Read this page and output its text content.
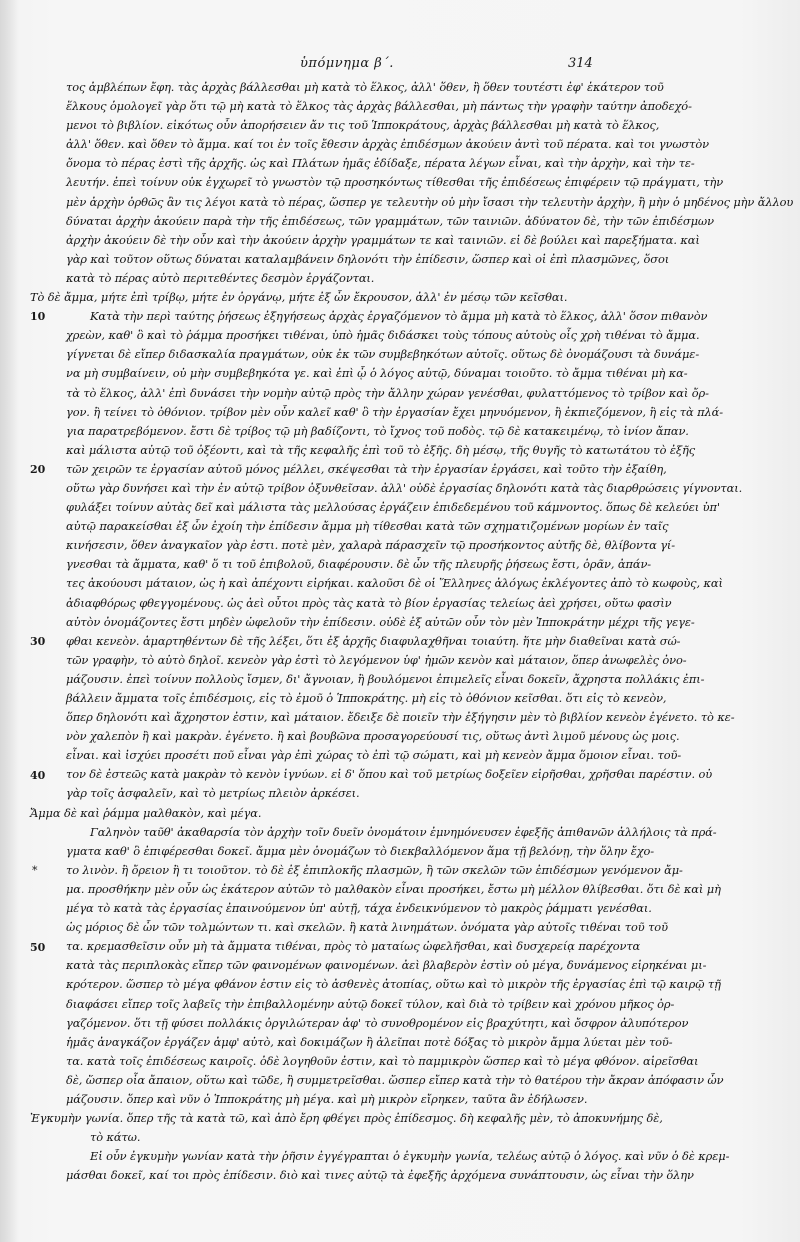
ὑπόμνημα β΄.	314
10
20
30
40
50
*
τος ἀμβλέπων ἔφη. τὰς ἀρχὰς βάλλεσθαι μὴ κατὰ τὸ ἕλκος, ἀλλ' ὅθεν, ἢ ὅθεν τουτέστι ἐφ' ἑκάτερον τοῦ
ἕλκους ὁμολογεῖ γὰρ ὅτι τῷ μὴ κατὰ τὸ ἕλκος τὰς ἀρχὰς βάλλεσθαι, μὴ πάντως τὴν γραφὴν ταύτην ἀποδεχό-
μενοι τὸ βιβλίον. εἰκότως οὖν ἀπορήσειεν ἄν τις τοῦ Ἱπποκράτους, ἀρχὰς βάλλεσθαι μὴ κατὰ τὸ ἕλκος,
ἀλλ' ὅθεν. καὶ ὅθεν τὸ ἄμμα. καί τοι ἐν τοῖς ἔθεσιν ἀρχὰς ἐπιδέσμων ἀκούειν ἀντὶ τοῦ πέρατα. καὶ τοι γνωστὸν
ὄνομα τὸ πέρας ἐστὶ τῆς ἀρχῆς. ὡς καὶ Πλάτων ἡμᾶς ἐδίδαξε, πέρατα λέγων εἶναι, καὶ τὴν ἀρχὴν, καὶ τὴν τε-
λευτήν. ἐπεὶ τοίνυν οὐκ ἐγχωρεῖ τὸ γνωστὸν τῷ προσηκόντως τίθεσθαι τῆς ἐπιδέσεως ἐπιφέρειν τῷ πράγματι, τὴν
μὲν ἀρχὴν ὀρθῶς ἂν τις λέγοι κατὰ τὸ πέρας, ὥσπερ γε τελευτὴν οὐ μὴν ἴσασι τὴν τελευτὴν ἀρχὴν, ἢ μὴν ὁ μηδένος μὴν ἄλλου
δύναται ἀρχὴν ἀκούειν παρὰ τὴν τῆς ἐπιδέσεως, τῶν γραμμάτων, τῶν ταινιῶν. ἀδύνατον δὲ, τὴν τῶν ἐπιδέσμων
ἀρχὴν ἀκούειν δὲ τὴν οὖν καὶ τὴν ἀκούειν ἀρχὴν γραμμάτων τε καὶ ταινιῶν. εἰ δὲ βούλει καὶ παρεξήματα. καὶ
γὰρ καὶ τοῦτον οὕτως δύναται καταλαμβάνειν δηλονότι τὴν ἐπίδεσιν, ὥσπερ καὶ οἱ ἐπὶ πλασμῶνες, ὅσοι
κατὰ τὸ πέρας αὐτὸ περιτεθέντες δεσμὸν ἐργάζονται.
Τὸ δὲ ἄμμα, μήτε ἐπὶ τρίβῳ, μήτε ἐν ὀργάνῳ, μήτε ἐξ ὧν ἔκρουσον, ἀλλ' ἐν μέσῳ τῶν κεῖσθαι.
Κατὰ τὴν περὶ ταύτης ῥήσεως ἐξηγήσεως ἀρχὰς ἐργαζόμενον τὸ ἄμμα μὴ κατὰ τὸ ἕλκος, ἀλλ' ὅσον πιθανὸν
χρεὼν, καθ' ὃ καὶ τὸ ῥάμμα προσήκει τιθέναι, ὑπὸ ἡμᾶς διδάσκει τοὺς τόπους αὐτοὺς οἷς χρὴ τιθέναι τὸ ἄμμα.
γίγνεται δὲ εἴπερ διδασκαλία πραγμάτων, οὐκ ἐκ τῶν συμβεβηκότων αὐτοῖς. οὕτως δὲ ὀνομάζουσι τὰ δυνάμε-
να μὴ συμβαίνειν, οὐ μὴν συμβεβηκότα γε. καὶ ἐπὶ ᾧ ὁ λόγος αὐτῷ, δύναμαι τοιοῦτο. τὸ ἄμμα τιθέναι μὴ κα-
τὰ τὸ ἕλκος, ἀλλ' ἐπὶ δυνάσει τὴν νομὴν αὐτῷ πρὸς τὴν ἄλλην χώραν γενέσθαι, φυλαττόμενος τὸ τρίβον καὶ ὄρ-
γον. ἢ τείνει τὸ ὀθόνιον. τρίβον μὲν οὖν καλεῖ καθ' ὃ τὴν ἐργασίαν ἔχει μηνυόμενον, ἢ ἐκπιεζόμενον, ἢ εἰς τὰ πλά-
για παρατρεβόμενον. ἔστι δὲ τρίβος τῷ μὴ βαδίζοντι, τὸ ἴχνος τοῦ ποδὸς. τῷ δὲ κατακειμένῳ, τὸ ἰνίον ἄπαν.
καὶ μάλιστα αὐτῷ τοῦ ὀξέοντι, καὶ τὰ τῆς κεφαλῆς ἐπὶ τοῦ τὸ ἐξῆς. δὴ μέσῳ, τῆς θυγῆς τὸ κατωτάτου τὸ ἐξῆς
τῶν χειρῶν τε ἐργασίαν αὐτοῦ μόνος μέλλει, σκέψεσθαι τὰ τὴν ἐργασίαν ἐργάσει, καὶ τοῦτο τὴν ἐξαίθη,
οὕτω γὰρ δυνήσει καὶ τὴν ἐν αὐτῷ τρίβον ὀξυνθεῖσαν. ἀλλ' οὐδὲ ἐργασίας δηλονότι κατὰ τὰς διαρθρώσεις γίγνονται.
φυλάξει τοίνυν αὐτὰς δεῖ καὶ μάλιστα τὰς μελλούσας ἐργάζειν ἐπιδεδεμένου τοῦ κάμνοντος. ὅπως δὲ κελεύει ὑπ'
αὐτῷ παρακείσθαι ἐξ ὧν ἐχοίη τὴν ἐπίδεσιν ἄμμα μὴ τίθεσθαι κατὰ τῶν σχηματιζομένων μορίων ἐν ταῖς
κινήσεσιν, ὅθεν ἀναγκαῖον γὰρ ἐστι. ποτὲ μὲν, χαλαρὰ πάρασχεῖν τῷ προσήκοντος αὐτῆς δὲ, θλίβοντα γί-
γνεσθαι τὰ ἄμματα, καθ' ὅ τι τοῦ ἐπιβολοῦ, διαφέρουσιν. δὲ ὧν τῆς πλευρῆς ῥήσεως ἔστι, ὁρᾶν, ἀπάν-
τες ἀκούουσι μάταιον, ὡς ἡ καὶ ἀπέχοντι εἰρήκαι. καλοῦσι δὲ οἱ Ἕλληνες ἀλόγως ἐκλέγοντες ἀπὸ τὸ κωφοὺς, καὶ
ἀδιαφθόρως φθεγγομένους. ὡς ἀεὶ οὗτοι πρὸς τὰς κατὰ τὸ βίον ἐργασίας τελείως ἀεὶ χρήσει, οὕτω φασὶν
αὐτὸν ὀνομάζοντες ἔστι μηδὲν ὠφελοῦν τὴν ἐπίδεσιν. οὐδὲ ἐξ αὐτῶν οὖν τὸν μὲν Ἱπποκράτην μέχρι τῆς γεγε-
φθαι κενεὸν. ἁμαρτηθέντων δὲ τῆς λέξει, ὅτι ἐξ ἀρχῆς διαφυλαχθῆναι τοιαύτη. ἥτε μὴν διαθεῖναι κατὰ σώ-
τῶν γραφὴν, τὸ αὐτὸ δηλοῖ. κενεὸν γὰρ ἐστὶ τὸ λεγόμενον ὑφ' ἡμῶν κενὸν καὶ μάταιον, ὅπερ ἀνωφελὲς ὀνο-
μάζουσιν. ἐπεὶ τοίνυν πολλοὺς ἴσμεν, δι' ἄγνοιαν, ἢ βουλόμενοι ἐπιμελεῖς εἶναι δοκεῖν, ἄχρηστα πολλάκις ἐπι-
βάλλειν ἄμματα τοῖς ἐπιδέσμοις, εἰς τὸ ἐμοῦ ὁ Ἱπποκράτης. μὴ εἰς τὸ ὀθόνιον κεῖσθαι. ὅτι εἰς τὸ κενεὸν,
ὅπερ δηλονότι καὶ ἄχρηστον ἐστιν, καὶ μάταιον. ἔδειξε δὲ ποιεῖν τὴν ἐξήγησιν μὲν τὸ βιβλίον κενεὸν ἐγένετο. τὸ κε-
νὸν χαλεπὸν ἢ καὶ μακρὰν. ἐγένετο. ἢ καὶ βουβῶνα προσαγορεύουσί τις, οὕτως ἀντὶ λιμοῦ μένους ὡς μοις.
εἶναι. καὶ ἰσχύει προσέτι ποῦ εἶναι γὰρ ἐπὶ χώρας τὸ ἐπὶ τῷ σώματι, καὶ μὴ κενεὸν ἄμμα ὅμοιον εἶναι. τοῦ-
τον δὲ ἐστεῶς κατὰ μακρὰν τὸ κενὸν ἰγνύων. εἰ δ' ὅπου καὶ τοῦ μετρίως δοξεῖεν εἰρῆσθαι, χρῆσθαι παρέστιν. οὐ
γὰρ τοῖς ἀσφαλεῖν, καὶ τὸ μετρίως πλειὸν ἀρκέσει.
Ἄμμα δὲ καὶ ῥάμμα μαλθακὸν, καὶ μέγα.
Γαληνὸν ταῦθ' ἀκαθαρσία τὸν ἀρχὴν τοῖν δυεῖν ὀνομάτοιν ἐμνημόνευσεν ἐφεξῆς ἀπιθανῶν ἀλλήλοις τὰ πρά-
γματα καθ' ὃ ἐπιφέρεσθαι δοκεῖ. ἄμμα μὲν ὀνομάζων τὸ διεκβαλλόμενον ἅμα τῇ βελόνῃ, τὴν ὅλην ἔχο-
το λινὸν. ἢ ὄρειον ἢ τι τοιοῦτον. τὸ δὲ ἐξ ἐπιπλοκῆς πλασμῶν, ἢ τῶν σκελῶν τῶν ἐπιδέσμων γενόμενον ἄμ-
μα. προσθήκην μὲν οὖν ὡς ἑκάτερον αὐτῶν τὸ μαλθακὸν εἶναι προσήκει, ἔστω μὴ μέλλον θλίβεσθαι. ὅτι δὲ καὶ μὴ
μέγα τὸ κατὰ τὰς ἐργασίας ἐπαινούμενον ὑπ' αὐτῇ, τάχα ἐνδεικνύμενον τὸ μακρὸς ῥάμματι γενέσθαι.
ὡς μόριος δὲ ὧν τῶν τολμώντων τι. καὶ σκελῶν. ἢ κατὰ λινημάτων. ὀνόματα γὰρ αὐτοῖς τιθέναι τοῦ τοῦ
τα. κρεμασθεῖσιν οὖν μὴ τὰ ἄμματα τιθέναι, πρὸς τὸ ματαίως ὠφελῆσθαι, καὶ δυσχερείᾳ παρέχοντα
κατὰ τὰς περιπλοκὰς εἴπερ τῶν φαινομένων φαινομένων. ἀεὶ βλαβερὸν ἐστὶν οὐ μέγα, δυνάμενος εἰρηκέναι μι-
κρότερον. ὥσπερ τὸ μέγα φθάνον ἐστιν εἰς τὸ ἀσθενὲς ἀτοπίας, οὕτω καὶ τὸ μικρὸν τῆς ἐργασίας ἐπὶ τῷ καιρῷ τῇ
διαφάσει εἴπερ τοῖς λαβεῖς τὴν ἐπιβαλλομένην αὐτῷ δοκεῖ τύλον, καὶ διὰ τὸ τρίβειν καὶ χρόνου μῆκος ὀρ-
γαζόμενον. ὅτι τῇ φύσει πολλάκις ὀργιλώτεραν ἀφ' τὸ συνοθρομένον εἰς βραχύτητι, καὶ ὄσφρον ἀλυπότερον
ἡμᾶς ἀναγκάζον ἐργάζεν ἀμφ' αὐτὸ, καὶ δοκιμάζων ἢ ἀλεῖπαι ποτὲ δόξας τὸ μικρὸν ἄμμα λύεται μὲν τοῦ-
τα. κατὰ τοῖς ἐπιδέσεως καιροῖς. ὀδὲ λογηθοῦν ἐστιν, καὶ τὸ παμμικρὸν ὥσπερ καὶ τὸ μέγα φθόνον. αἱρεῖσθαι
δὲ, ὥσπερ οἷα ἄπαιον, οὕτω καὶ τῶδε, ἢ συμμετρεῖσθαι. ὥσπερ εἴπερ κατὰ τὴν τὸ θατέρου τὴν ἄκραν ἀπόφασιν ὧν
μάζουσιν. ὅπερ καὶ νῦν ὁ Ἱπποκράτης μὴ μέγα. καὶ μὴ μικρὸν εἴρηκεν, ταῦτα ἂν ἐδήλωσεν.
Ἐγκυμὴν γωνία. ὅπερ τῆς τὰ κατὰ τῶ, καὶ ἀπὸ ἔρη φθέγει πρὸς ἐπίδεσμος. δὴ κεφαλῆς μὲν, τὸ ἀποκυνήμης δὲ,
τὸ κάτω.
Εἰ οὖν ἐγκυμὴν γωνίαν κατὰ τὴν ῥῆσιν ἐγγέγραπται ὁ ἐγκυμὴν γωνία, τελέως αὐτῷ ὁ λόγος. καὶ νῦν ὁ δὲ κρεμ-
μάσθαι δοκεῖ, καί τοι πρὸς ἐπίδεσιν. διὸ καὶ τινες αὐτῷ τὰ ἐφεξῆς ἀρχόμενα συνάπτουσιν, ὡς εἶναι τὴν ὅλην
